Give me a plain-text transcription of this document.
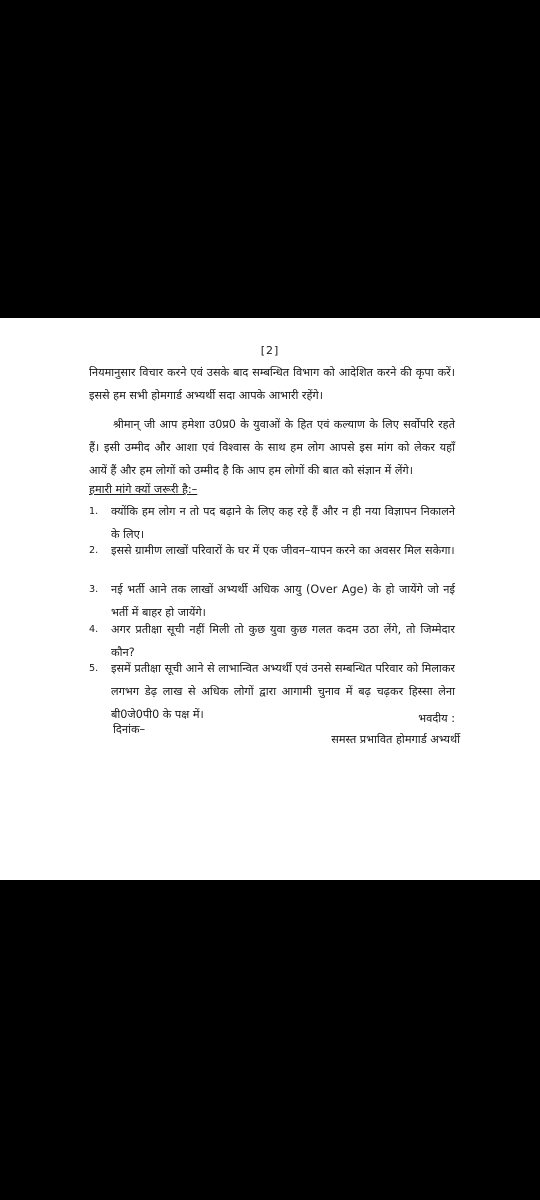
[2]
नियमानुसार विचार करने एवं उसके बाद सम्बन्धित विभाग को आदेशित करने की कृपा करें। इससे हम सभी होमगार्ड अभ्यर्थी सदा आपके आभारी रहेंगे।
श्रीमान् जी आप हमेशा उ0प्र0 के युवाओं के हित एवं कल्याण के लिए सर्वोपरि रहते हैं। इसी उम्मीद और आशा एवं विश्वास के साथ हम लोग आपसे इस मांग को लेकर यहाँ आयें हैं और हम लोगों को उम्मीद है कि आप हम लोगों की बात को संज्ञान में लेंगे।
हमारी मांगे क्यों जरूरी है:–
1.	क्योंकि हम लोग न तो पद बढ़ाने के लिए कह रहे हैं और न ही नया विज्ञापन निकालने के लिए।
2.	इससे ग्रामीण लाखों परिवारों के घर में एक जीवन–यापन करने का अवसर मिल सकेगा।
3.	नई भर्ती आने तक लाखों अभ्यर्थी अधिक आयु (Over Age) के हो जायेंगे जो नई भर्ती में बाहर हो जायेंगे।
4.	अगर प्रतीक्षा सूची नहीं मिली तो कुछ युवा कुछ गलत कदम उठा लेंगे, तो जिम्मेदार कौन?
5.	इसमें प्रतीक्षा सूची आने से लाभान्वित अभ्यर्थी एवं उनसे सम्बन्धित परिवार को मिलाकर लगभग डेढ़ लाख से अधिक लोगों द्वारा आगामी चुनाव में बढ़ चढ़कर हिस्सा लेना बी0जे0पी0 के पक्ष में।	भवदीय :
दिनांक–
समस्त प्रभावित होमगार्ड अभ्यर्थी
